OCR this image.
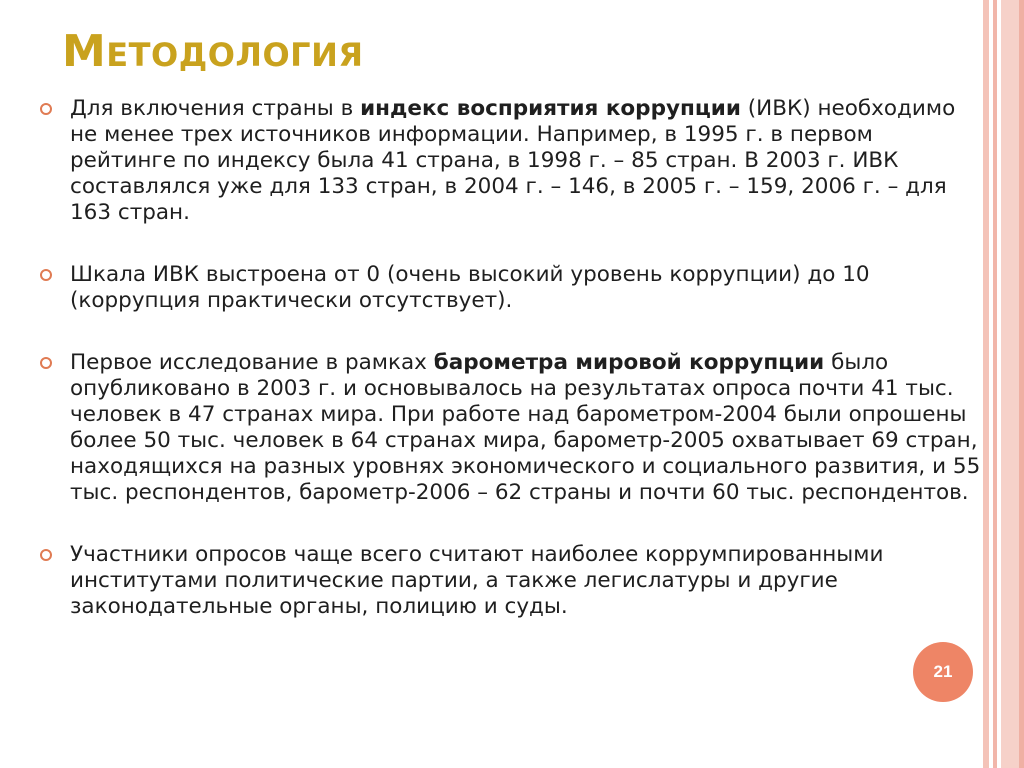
МЕТОДОЛОГИЯ
Для включения страны в индекс восприятия коррупции (ИВК) необходимо не менее трех источников информации. Например, в 1995 г. в первом рейтинге по индексу была 41 страна, в 1998 г. – 85 стран. В 2003 г. ИВК составлялся уже для 133 стран, в 2004 г. – 146, в 2005 г. – 159, 2006 г. – для 163 стран.
Шкала ИВК выстроена от 0 (очень высокий уровень коррупции) до 10 (коррупция практически отсутствует).
Первое исследование в рамках барометра мировой коррупции было опубликовано в 2003 г. и основывалось на результатах опроса почти 41 тыс. человек в 47 странах мира. При работе над барометром-2004 были опрошены более 50 тыс. человек в 64 странах мира, барометр-2005 охватывает 69 стран, находящихся на разных уровнях экономического и социального развития, и 55 тыс. респондентов, барометр-2006 – 62 страны и почти 60 тыс. респондентов.
Участники опросов чаще всего считают наиболее коррумпированными институтами политические партии, а также легислатуры и другие законодательные органы, полицию и суды.
21
